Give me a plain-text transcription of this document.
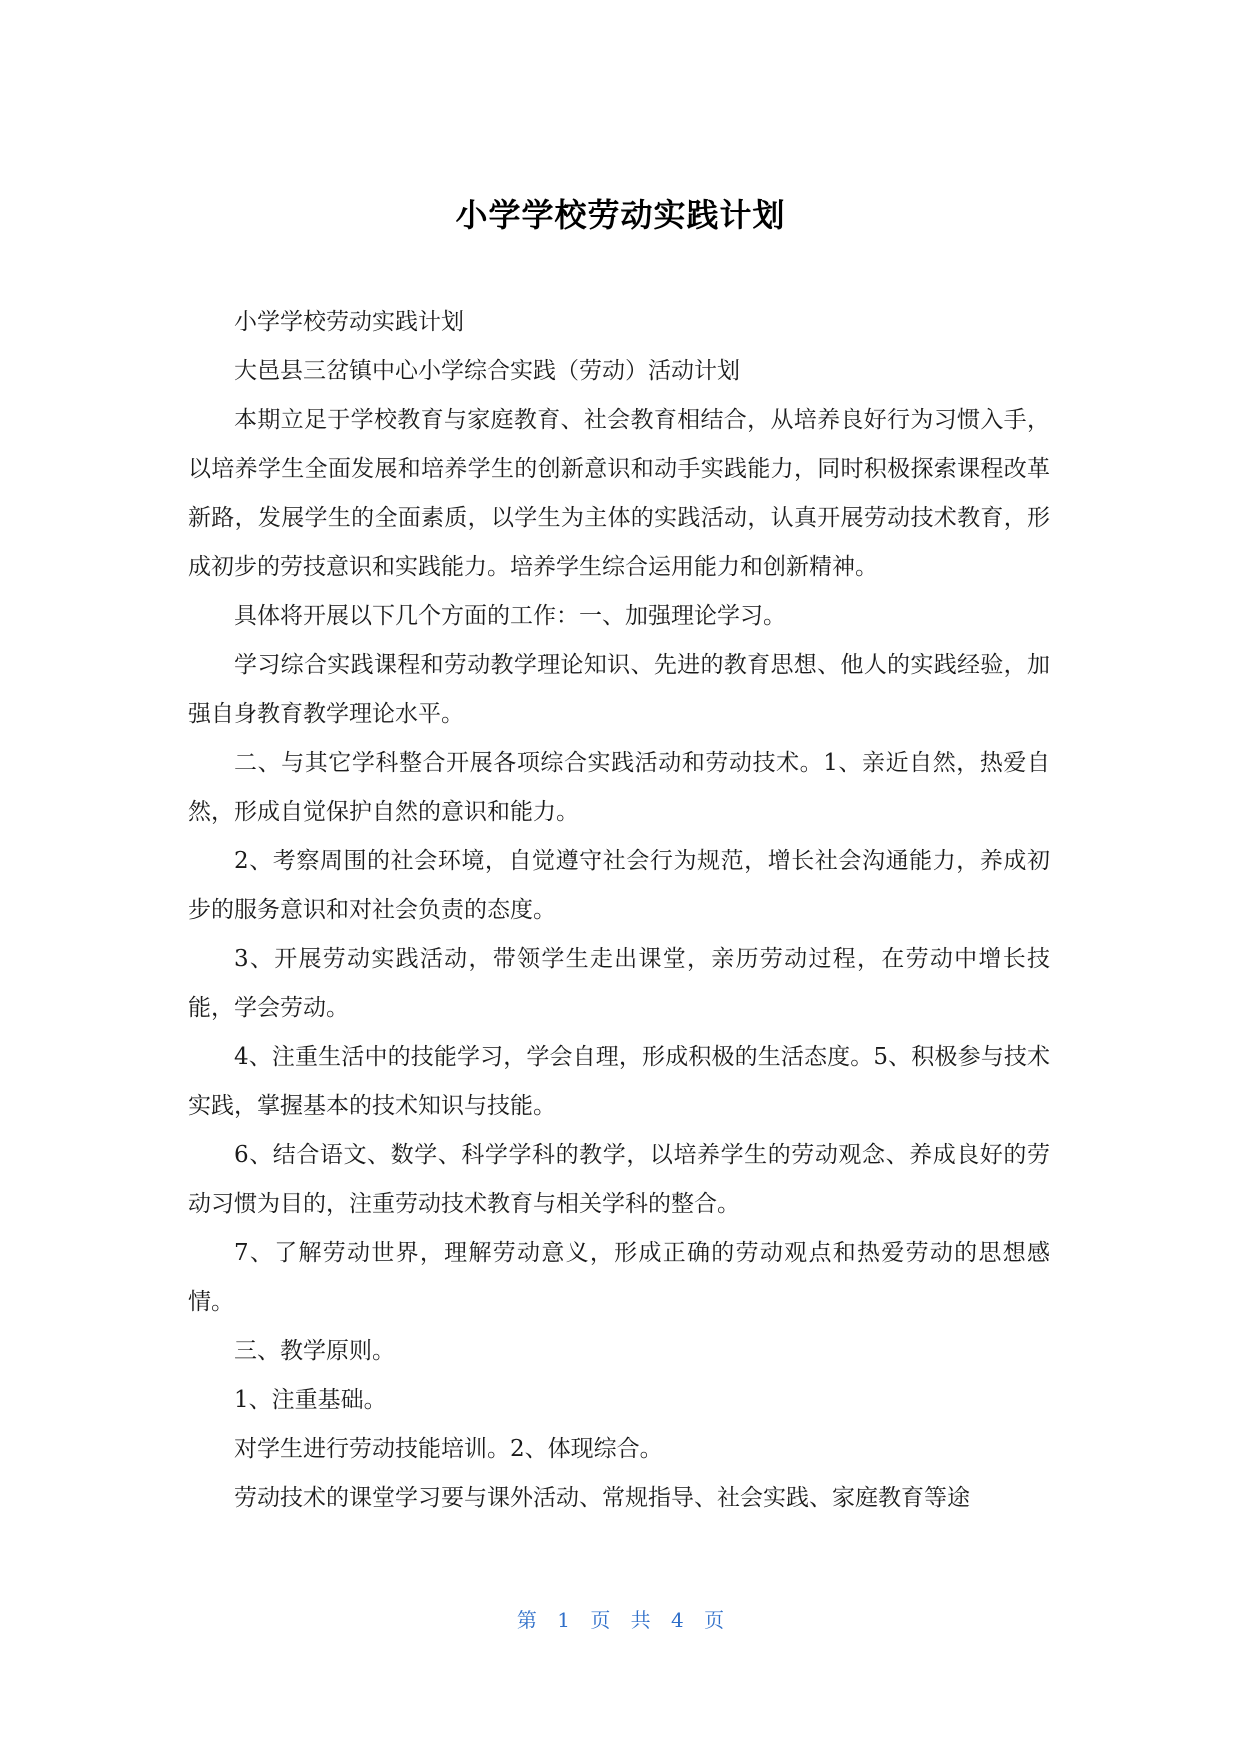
小学学校劳动实践计划

小学学校劳动实践计划

大邑县三岔镇中心小学综合实践（劳动）活动计划

本期立足于学校教育与家庭教育、社会教育相结合，从培养良好行为习惯入手，以培养学生全面发展和培养学生的创新意识和动手实践能力，同时积极探索课程改革新路，发展学生的全面素质，以学生为主体的实践活动，认真开展劳动技术教育，形成初步的劳技意识和实践能力。培养学生综合运用能力和创新精神。

具体将开展以下几个方面的工作：一、加强理论学习。

学习综合实践课程和劳动教学理论知识、先进的教育思想、他人的实践经验，加强自身教育教学理论水平。

二、与其它学科整合开展各项综合实践活动和劳动技术。1、亲近自然，热爱自然，形成自觉保护自然的意识和能力。

2、考察周围的社会环境，自觉遵守社会行为规范，增长社会沟通能力，养成初步的服务意识和对社会负责的态度。

3、开展劳动实践活动，带领学生走出课堂，亲历劳动过程，在劳动中增长技能，学会劳动。

4、注重生活中的技能学习，学会自理，形成积极的生活态度。5、积极参与技术实践，掌握基本的技术知识与技能。

6、结合语文、数学、科学学科的教学，以培养学生的劳动观念、养成良好的劳动习惯为目的，注重劳动技术教育与相关学科的整合。

7、了解劳动世界，理解劳动意义，形成正确的劳动观点和热爱劳动的思想感情。

三、教学原则。

1、注重基础。

对学生进行劳动技能培训。2、体现综合。

劳动技术的课堂学习要与课外活动、常规指导、社会实践、家庭教育等途

第 1 页 共 4 页
